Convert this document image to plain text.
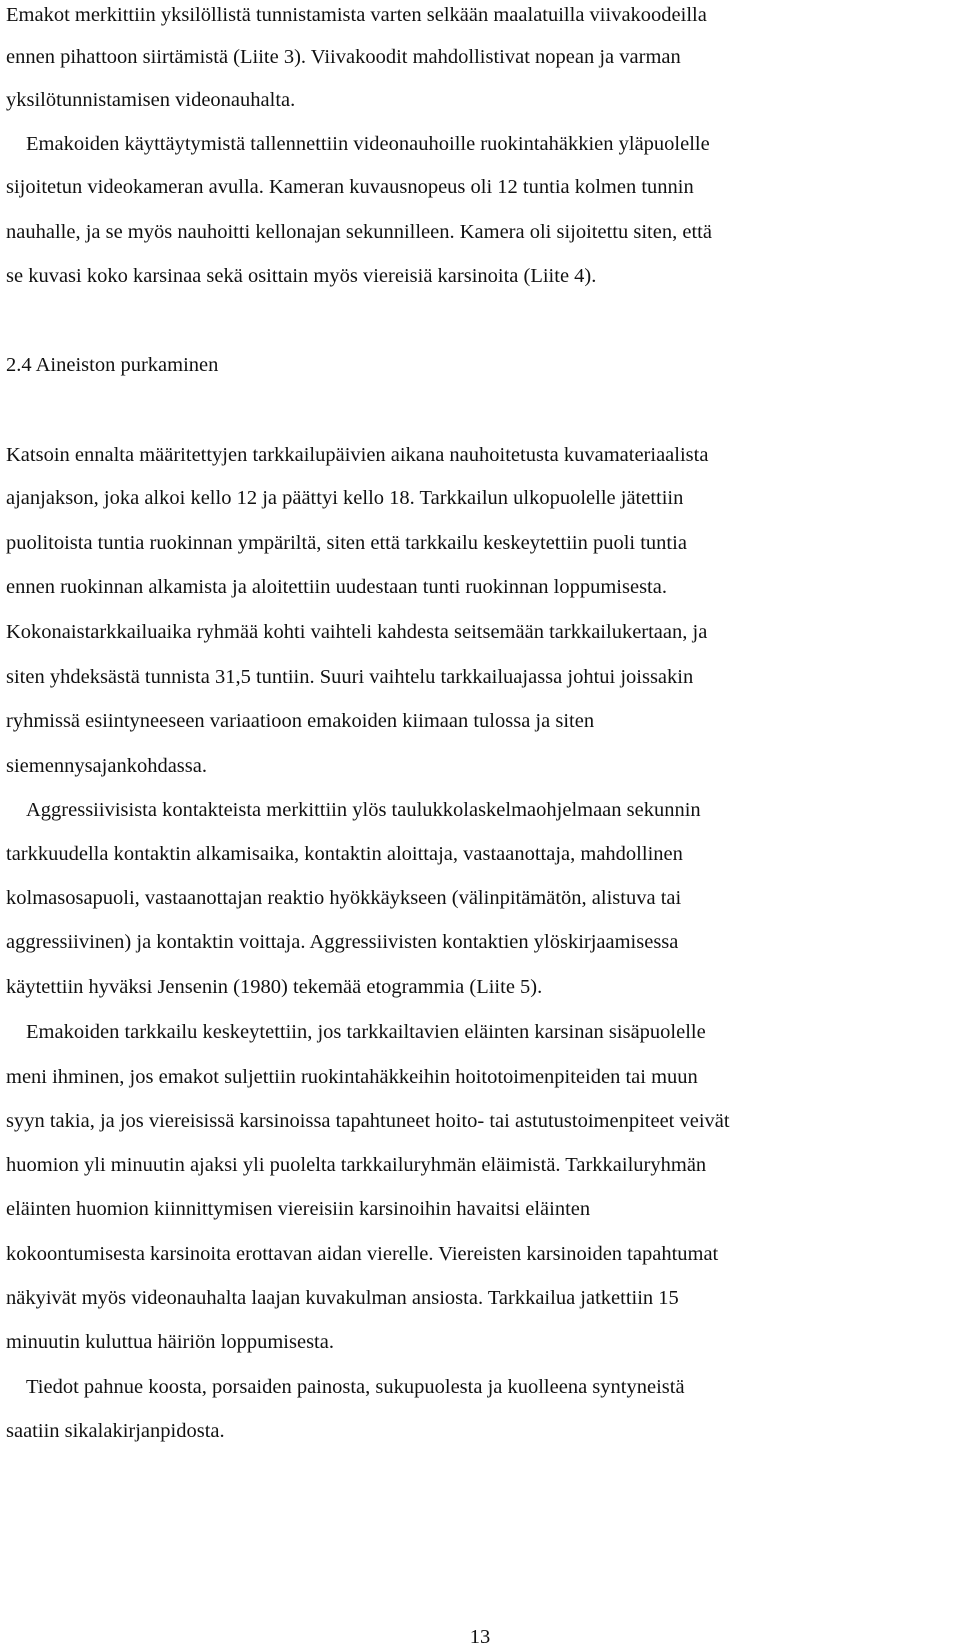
Emakot merkittiin yksilöllistä tunnistamista varten selkään maalatuilla viivakoodeilla
ennen pihattoon siirtämistä (Liite 3). Viivakoodit mahdollistivat nopean ja varman
yksilötunnistamisen videonauhalta.
Emakoiden käyttäytymistä tallennettiin videonauhoille ruokintahäkkien yläpuolelle
sijoitetun videokameran avulla. Kameran kuvausnopeus oli 12 tuntia kolmen tunnin
nauhalle, ja se myös nauhoitti kellonajan sekunnilleen. Kamera oli sijoitettu siten, että
se kuvasi koko karsinaa sekä osittain myös viereisiä karsinoita (Liite 4).
2.4 Aineiston purkaminen
Katsoin ennalta määritettyjen tarkkailupäivien aikana nauhoitetusta kuvamateriaalista
ajanjakson, joka alkoi kello 12 ja päättyi kello 18. Tarkkailun ulkopuolelle jätettiin
puolitoista tuntia ruokinnan ympäriltä, siten että tarkkailu keskeytettiin puoli tuntia
ennen ruokinnan alkamista ja aloitettiin uudestaan tunti ruokinnan loppumisesta.
Kokonaistarkkailuaika ryhmää kohti vaihteli kahdesta seitsemään tarkkailukertaan, ja
siten yhdeksästä tunnista 31,5 tuntiin. Suuri vaihtelu tarkkailuajassa johtui joissakin
ryhmissä esiintyneeseen variaatioon emakoiden kiimaan tulossa ja siten
siemennysajankohdassa.
Aggressiivisista kontakteista merkittiin ylös taulukkolaskelmaohjelmaan sekunnin
tarkkuudella kontaktin alkamisaika, kontaktin aloittaja, vastaanottaja, mahdollinen
kolmasosapuoli, vastaanottajan reaktio hyökkäykseen (välinpitämätön, alistuva tai
aggressiivinen) ja kontaktin voittaja. Aggressiivisten kontaktien ylöskirjaamisessa
käytettiin hyväksi Jensenin (1980) tekemää etogrammia (Liite 5).
Emakoiden tarkkailu keskeytettiin, jos tarkkailtavien eläinten karsinan sisäpuolelle
meni ihminen, jos emakot suljettiin ruokintahäkkeihin hoitotoimenpiteiden tai muun
syyn takia, ja jos viereisissä karsinoissa tapahtuneet hoito- tai astutustoimenpiteet veivät
huomion yli minuutin ajaksi yli puolelta tarkkailuryhmän eläimistä. Tarkkailuryhmän
eläinten huomion kiinnittymisen viereisiin karsinoihin havaitsi eläinten
kokoontumisesta karsinoita erottavan aidan vierelle. Viereisten karsinoiden tapahtumat
näkyivät myös videonauhalta laajan kuvakulman ansiosta. Tarkkailua jatkettiin 15
minuutin kuluttua häiriön loppumisesta.
Tiedot pahnue koosta, porsaiden painosta, sukupuolesta ja kuolleena syntyneistä
saatiin sikalakirjanpidosta.
13
